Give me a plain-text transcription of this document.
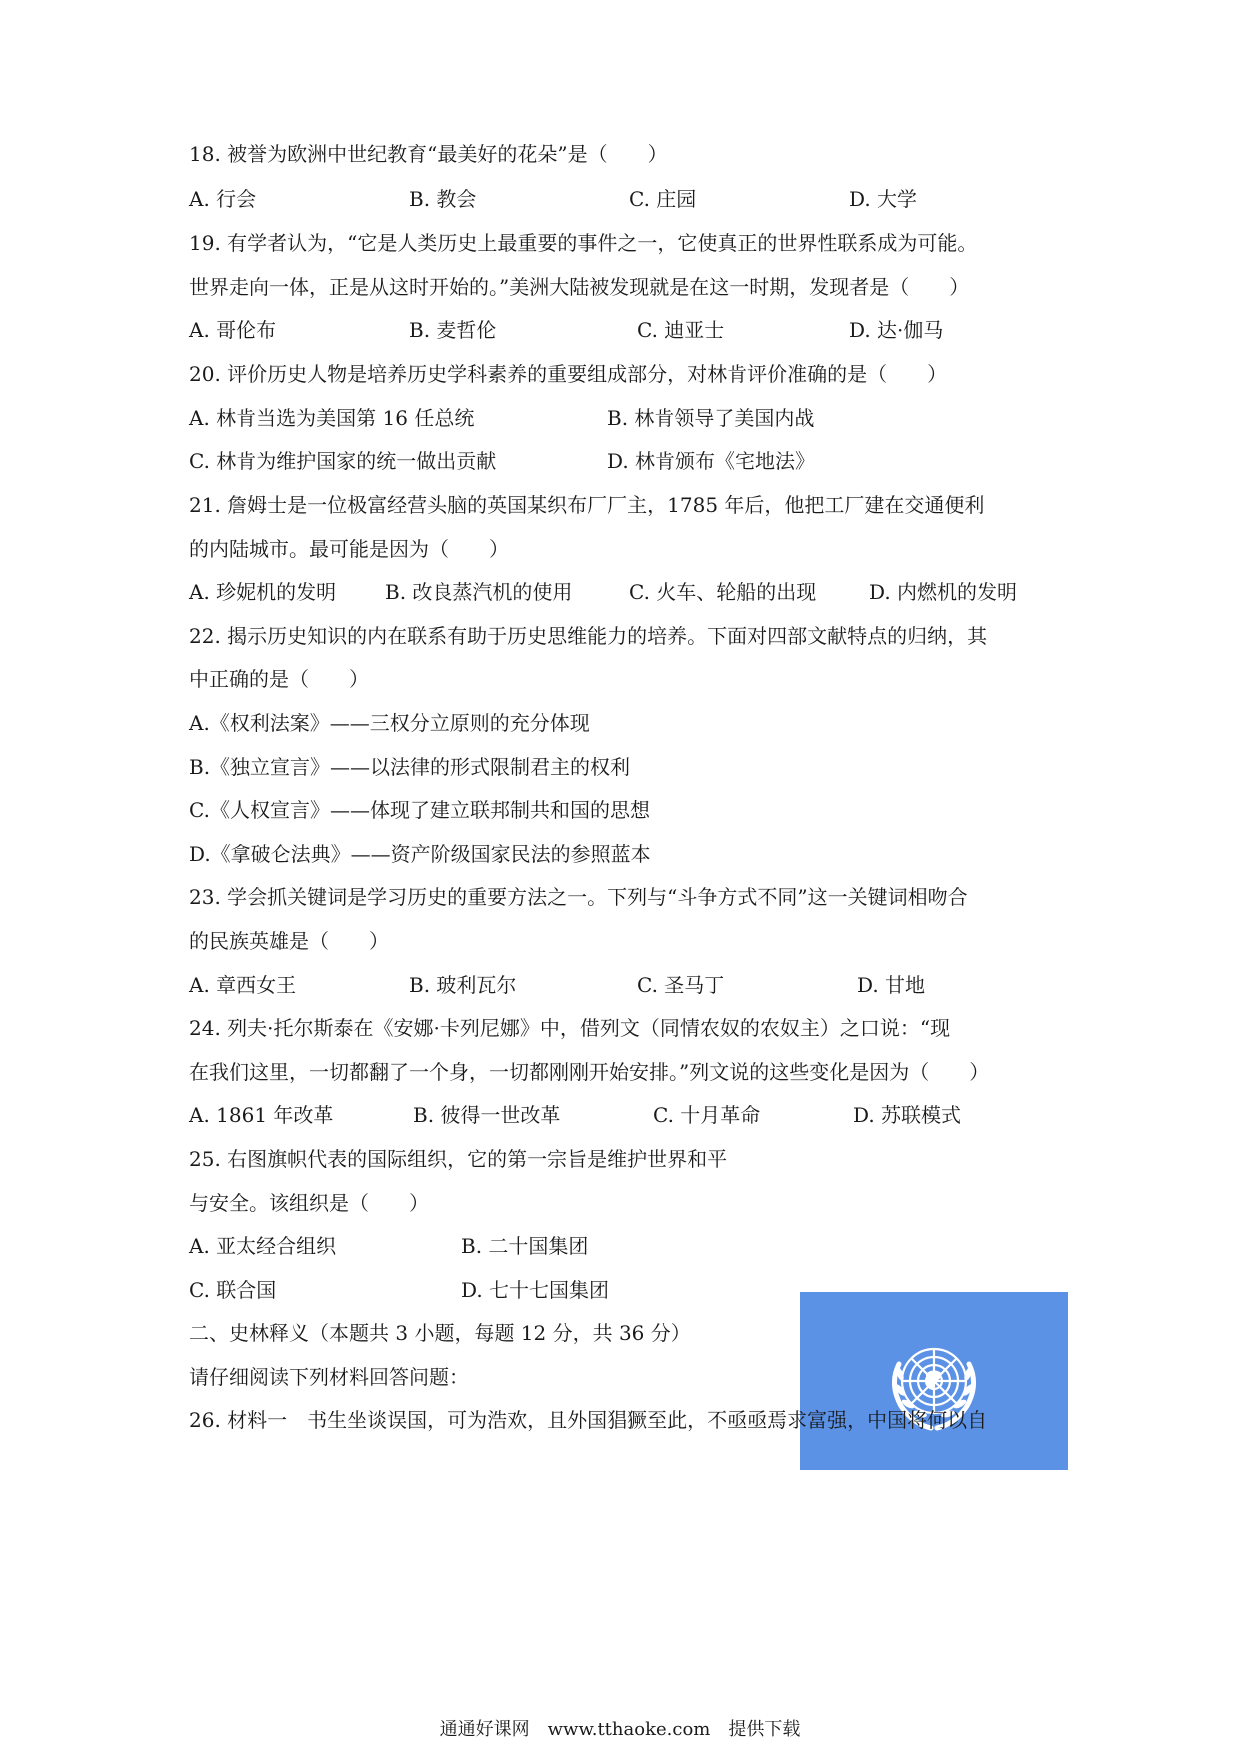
18. 被誉为欧洲中世纪教育“最美好的花朵”是（　　）
A. 行会	B. 教会	C. 庄园	D. 大学
19. 有学者认为，“它是人类历史上最重要的事件之一，它使真正的世界性联系成为可能。
世界走向一体，正是从这时开始的。”美洲大陆被发现就是在这一时期，发现者是（　　）
A. 哥伦布	B. 麦哲伦	C. 迪亚士	D. 达·伽马
20. 评价历史人物是培养历史学科素养的重要组成部分，对林肯评价准确的是（　　）
A. 林肯当选为美国第 16 任总统	B. 林肯领导了美国内战
C. 林肯为维护国家的统一做出贡献	D. 林肯颁布《宅地法》
21. 詹姆士是一位极富经营头脑的英国某织布厂厂主，1785 年后，他把工厂建在交通便利
的内陆城市。最可能是因为（　　）
A. 珍妮机的发明 B. 改良蒸汽机的使用	C. 火车、轮船的出现	D. 内燃机的发明
22. 揭示历史知识的内在联系有助于历史思维能力的培养。下面对四部文献特点的归纳，其
中正确的是（　　）
A.《权利法案》——三权分立原则的充分体现
B.《独立宣言》——以法律的形式限制君主的权利
C.《人权宣言》——体现了建立联邦制共和国的思想
D.《拿破仑法典》——资产阶级国家民法的参照蓝本
23. 学会抓关键词是学习历史的重要方法之一。下列与“斗争方式不同”这一关键词相吻合
的民族英雄是（　　）
A. 章西女王	B. 玻利瓦尔	C. 圣马丁	D. 甘地
24. 列夫·托尔斯泰在《安娜·卡列尼娜》中，借列文（同情农奴的农奴主）之口说：“现
在我们这里，一切都翻了一个身，一切都刚刚开始安排。”列文说的这些变化是因为（　　）
A. 1861 年改革	B. 彼得一世改革	C. 十月革命	D. 苏联模式
25. 右图旗帜代表的国际组织，它的第一宗旨是维护世界和平
与安全。该组织是（　　）
A. 亚太经合组织	B. 二十国集团
C. 联合国	D. 七十七国集团
二、史林释义（本题共 3 小题，每题 12 分，共 36 分）
请仔细阅读下列材料回答问题：
26. 材料一　书生坐谈误国，可为浩欢，且外国猖獗至此，不亟亟焉求富强，中国将何以自
通通好课网　www.tthaoke.com　提供下载
